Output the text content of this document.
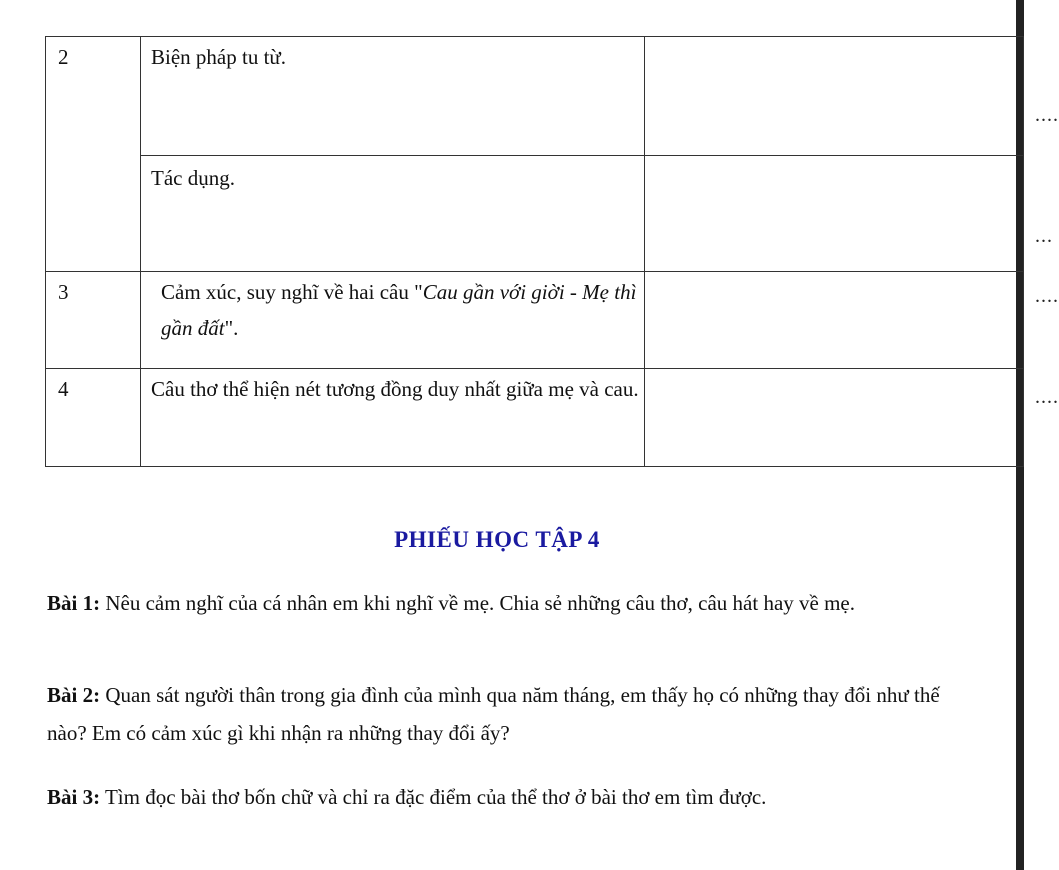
2	Biện pháp tu từ.	....

	Tác dụng.	...

3	Cảm xúc, suy nghĩ về hai câu "Cau gần với giời - Mẹ thì gần đất".	....

4	Câu thơ thể hiện nét tương đồng duy nhất giữa mẹ và cau.	....
PHIẾU HỌC TẬP 4
Bài 1: Nêu cảm nghĩ của cá nhân em khi nghĩ về mẹ. Chia sẻ những câu thơ, câu hát hay về mẹ.
Bài 2: Quan sát người thân trong gia đình của mình qua năm tháng, em thấy họ có những thay đổi như thế nào? Em có cảm xúc gì khi nhận ra những thay đổi ấy?
Bài 3: Tìm đọc bài thơ bốn chữ và chỉ ra đặc điểm của thể thơ ở bài thơ em tìm được.
